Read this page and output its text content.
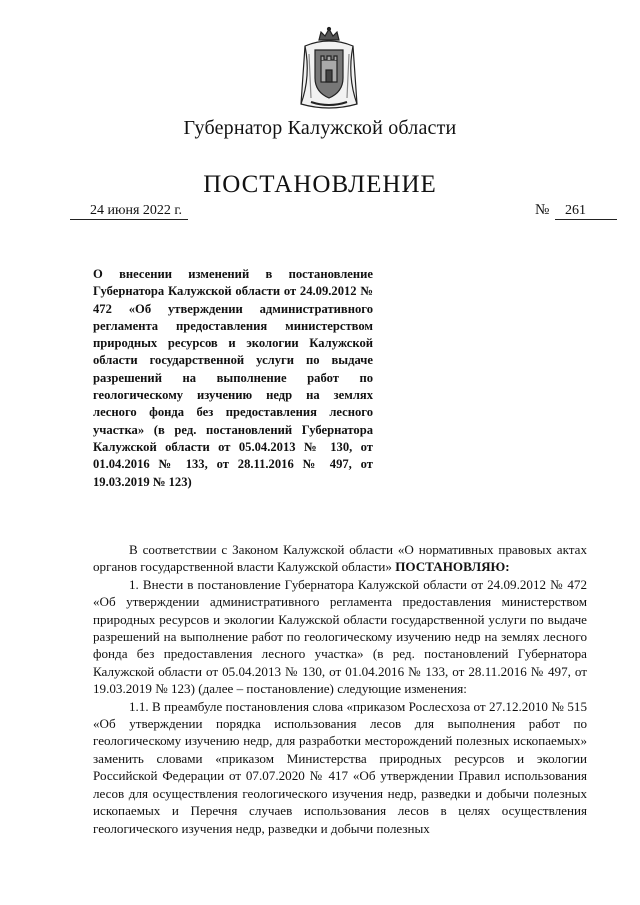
Губернатор Калужской области
ПОСТАНОВЛЕНИЕ
24 июня 2022 г.	№	261
О внесении изменений в постановление Губернатора Калужской области от 24.09.2012 № 472 «Об утверждении административного регламента предоставления министерством природных ресурсов и экологии Калужской области государственной услуги по выдаче разрешений на выполнение работ по геологическому изучению недр на землях лесного фонда без предоставления лесного участка» (в ред. постановлений Губернатора Калужской области от 05.04.2013 № 130, от 01.04.2016 № 133, от 28.11.2016 № 497, от 19.03.2019 № 123)

В соответствии с Законом Калужской области «О нормативных правовых актах органов государственной власти Калужской области» ПОСТАНОВЛЯЮ:

1. Внести в постановление Губернатора Калужской области от 24.09.2012 № 472 «Об утверждении административного регламента предоставления министерством природных ресурсов и экологии Калужской области государственной услуги по выдаче разрешений на выполнение работ по геологическому изучению недр на землях лесного фонда без предоставления лесного участка» (в ред. постановлений Губернатора Калужской области от 05.04.2013 № 130, от 01.04.2016 № 133, от 28.11.2016 № 497, от 19.03.2019 № 123) (далее – постановление) следующие изменения:

1.1. В преамбуле постановления слова «приказом Рослесхоза от 27.12.2010 № 515 «Об утверждении порядка использования лесов для выполнения работ по геологическому изучению недр, для разработки месторождений полезных ископаемых» заменить словами «приказом Министерства природных ресурсов и экологии Российской Федерации от 07.07.2020 № 417 «Об утверждении Правил использования лесов для осуществления геологического изучения недр, разведки и добычи полезных ископаемых и Перечня случаев использования лесов в целях осуществления геологического изучения недр, разведки и добычи полезных
